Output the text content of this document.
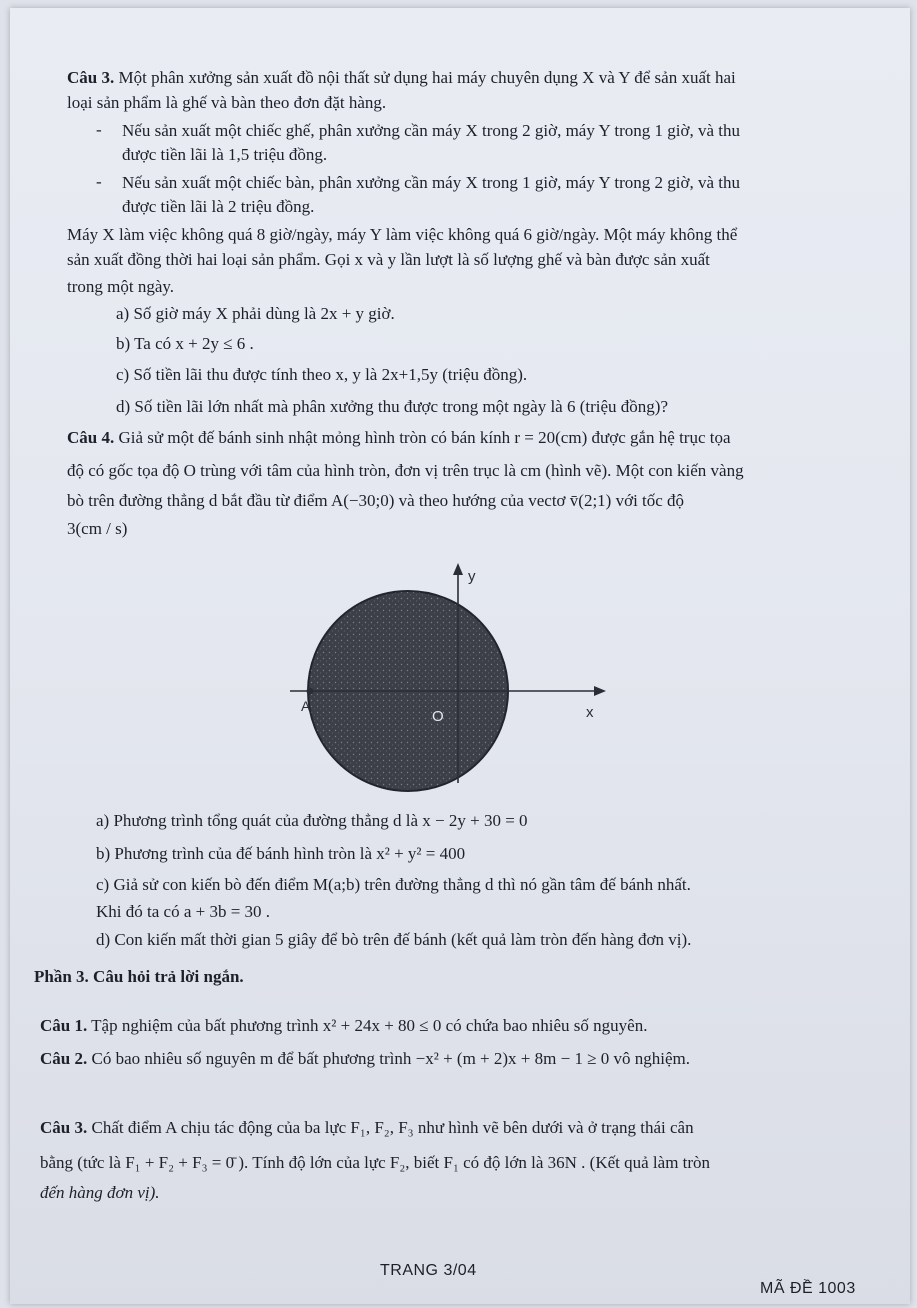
Câu 3. Một phân xưởng sản xuất đồ nội thất sử dụng hai máy chuyên dụng X và Y để sản xuất hai
loại sản phẩm là ghế và bàn theo đơn đặt hàng.
- Nếu sản xuất một chiếc ghế, phân xưởng cần máy X trong 2 giờ, máy Y trong 1 giờ, và thu
được tiền lãi là 1,5 triệu đồng.
- Nếu sản xuất một chiếc bàn, phân xưởng cần máy X trong 1 giờ, máy Y trong 2 giờ, và thu
được tiền lãi là 2 triệu đồng.
Máy X làm việc không quá 8 giờ/ngày, máy Y làm việc không quá 6 giờ/ngày. Một máy không thể
sản xuất đồng thời hai loại sản phẩm. Gọi x và y lần lượt là số lượng ghế và bàn được sản xuất
trong một ngày.
a) Số giờ máy X phải dùng là 2x + y giờ.
b) Ta có x + 2y ≤ 6 .
c) Số tiền lãi thu được tính theo x, y là 2x+1,5y (triệu đồng).
d) Số tiền lãi lớn nhất mà phân xưởng thu được trong một ngày là 6 (triệu đồng)?
Câu 4. Giả sử một đế bánh sinh nhật mỏng hình tròn có bán kính r = 20(cm) được gắn hệ trục tọa
độ có gốc tọa độ O trùng với tâm của hình tròn, đơn vị trên trục là cm (hình vẽ). Một con kiến vàng
bò trên đường thẳng d bắt đầu từ điểm A(−30;0) và theo hướng của vectơ v̄(2;1) với tốc độ
3(cm / s)
y
x
A
O
a) Phương trình tổng quát của đường thẳng d là x − 2y + 30 = 0
b) Phương trình của đế bánh hình tròn là x² + y² = 400
c) Giả sử con kiến bò đến điểm M(a;b) trên đường thẳng d thì nó gần tâm đế bánh nhất.
Khi đó ta có a + 3b = 30 .
d) Con kiến mất thời gian 5 giây để bò trên đế bánh (kết quả làm tròn đến hàng đơn vị).
Phần 3. Câu hỏi trả lời ngắn.
Câu 1. Tập nghiệm của bất phương trình x² + 24x + 80 ≤ 0 có chứa bao nhiêu số nguyên.
Câu 2. Có bao nhiêu số nguyên m để bất phương trình −x² + (m + 2)x + 8m − 1 ≥ 0 vô nghiệm.
Câu 3. Chất điểm A chịu tác động của ba lực F₁, F₂, F₃ như hình vẽ bên dưới và ở trạng thái cân
bằng (tức là F₁ + F₂ + F₃ = 0̄ ). Tính độ lớn của lực F₂, biết F₁ có độ lớn là 36N . (Kết quả làm tròn
đến hàng đơn vị).
TRANG 3/04
MÃ ĐỀ 1003
